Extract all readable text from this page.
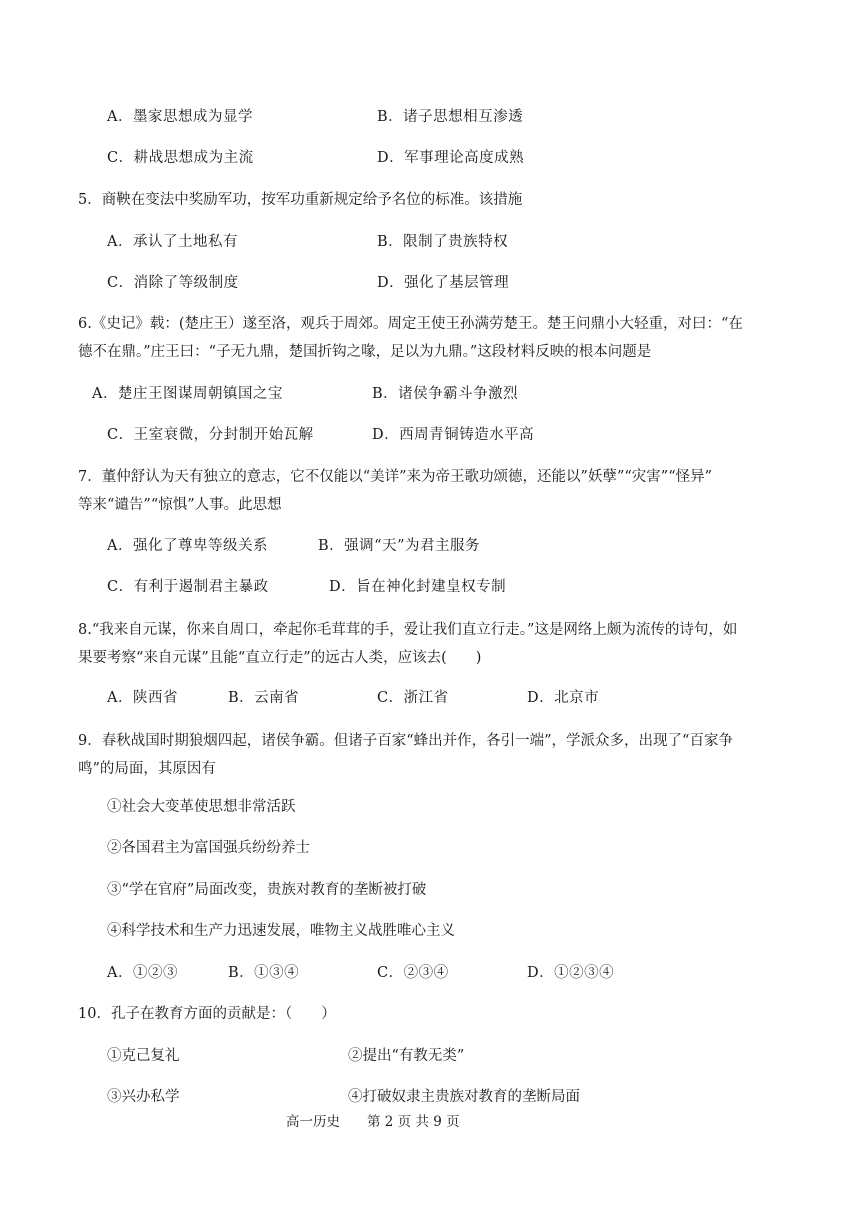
A．墨家思想成为显学	B．诸子思想相互渗透
C．耕战思想成为主流	D．军事理论高度成熟
5．商鞅在变法中奖励军功，按军功重新规定给予名位的标准。该措施
A．承认了土地私有	B．限制了贵族特权
C．消除了等级制度	D．强化了基层管理
6.《史记》载：(楚庄王）遂至洛，观兵于周郊。周定王使王孙满劳楚王。楚王问鼎小大轻重，对曰：“在
德不在鼎。”庄王曰：“子无九鼎，楚国折钩之喙，足以为九鼎。”这段材料反映的根本问题是
A．楚庄王图谋周朝镇国之宝	B．诸侯争霸斗争激烈
C．王室衰微，分封制开始瓦解	D．西周青铜铸造水平高
7．董仲舒认为天有独立的意志，它不仅能以“美详”来为帝王歌功颂德，还能以”妖孽”“灾害”“怪异”
等来“谴告”“惊惧”人事。此思想
A．强化了尊卑等级关系	B．强调“天”为君主服务
C．有利于遏制君主暴政	D．旨在神化封建皇权专制
8.“我来自元谋，你来自周口，牵起你毛茸茸的手，爱让我们直立行走。”这是网络上颇为流传的诗句，如
果要考察“来自元谋”且能“直立行走”的远古人类，应该去(　　)
A．陕西省	B．云南省	C．浙江省	D．北京市
9．春秋战国时期狼烟四起，诸侯争霸。但诸子百家“蜂出并作，各引一端”，学派众多，出现了“百家争
鸣”的局面，其原因有
①社会大变革使思想非常活跃
②各国君主为富国强兵纷纷养士
③“学在官府”局面改变，贵族对教育的垄断被打破
④科学技术和生产力迅速发展，唯物主义战胜唯心主义
A．①②③	B．①③④	C．②③④	D．①②③④
10．孔子在教育方面的贡献是：（　　）
①克己复礼	②提出“有教无类”
③兴办私学	④打破奴隶主贵族对教育的垄断局面
高一历史　　第 2 页 共 9 页
